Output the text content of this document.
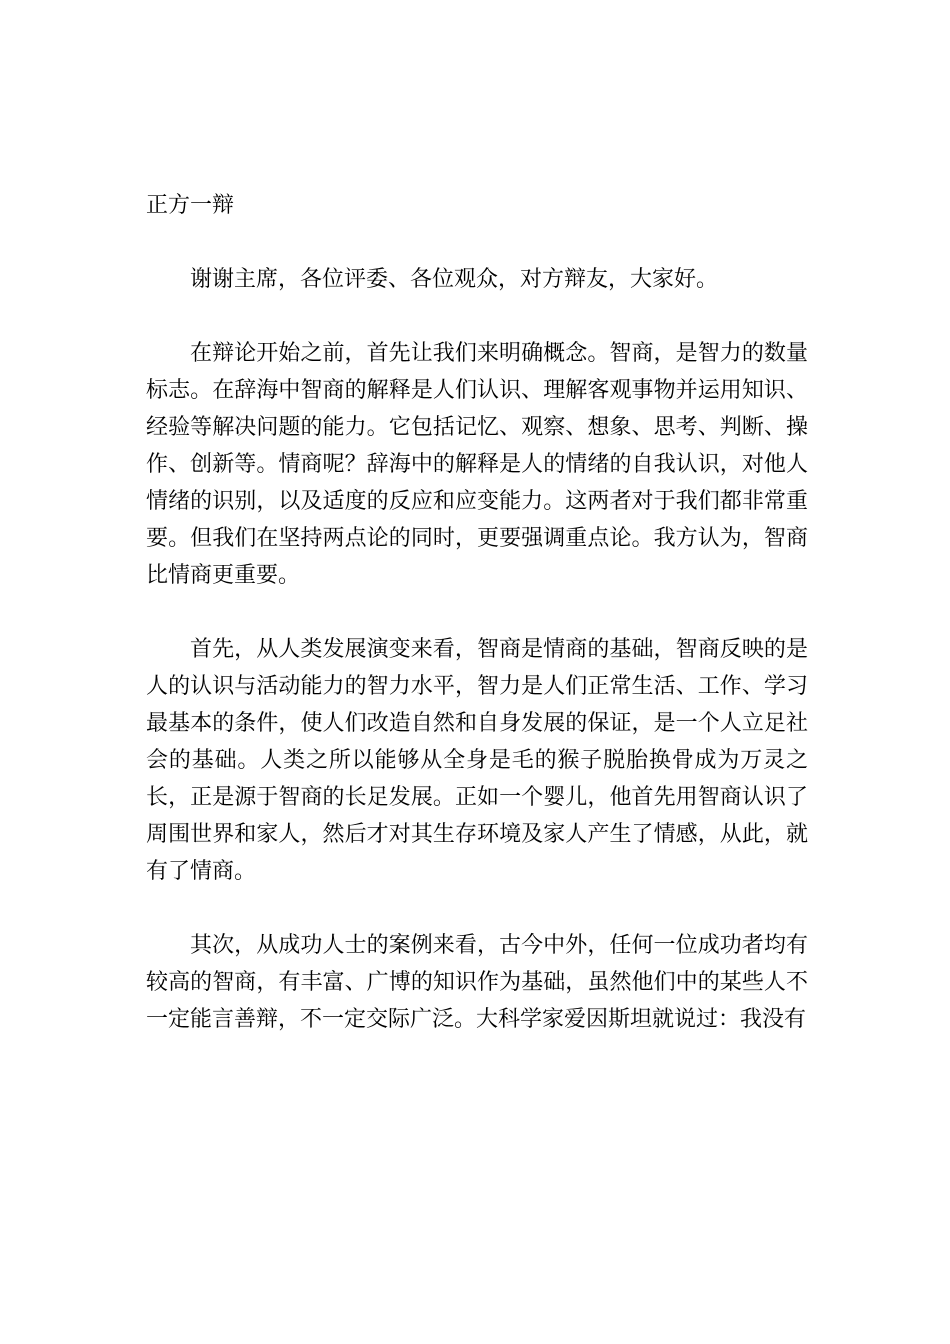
正方一辩

谢谢主席，各位评委、各位观众，对方辩友，大家好。

在辩论开始之前，首先让我们来明确概念。智商，是智力的数量标志。在辞海中智商的解释是人们认识、理解客观事物并运用知识、经验等解决问题的能力。它包括记忆、观察、想象、思考、判断、操作、创新等。情商呢？辞海中的解释是人的情绪的自我认识，对他人情绪的识别，以及适度的反应和应变能力。这两者对于我们都非常重要。但我们在坚持两点论的同时，更要强调重点论。我方认为，智商比情商更重要。

首先，从人类发展演变来看，智商是情商的基础，智商反映的是人的认识与活动能力的智力水平，智力是人们正常生活、工作、学习最基本的条件，使人们改造自然和自身发展的保证，是一个人立足社会的基础。人类之所以能够从全身是毛的猴子脱胎换骨成为万灵之长，正是源于智商的长足发展。正如一个婴儿，他首先用智商认识了周围世界和家人，然后才对其生存环境及家人产生了情感，从此，就有了情商。

其次，从成功人士的案例来看，古今中外，任何一位成功者均有较高的智商，有丰富、广博的知识作为基础，虽然他们中的某些人不一定能言善辩，不一定交际广泛。大科学家爱因斯坦就说过：我没有
